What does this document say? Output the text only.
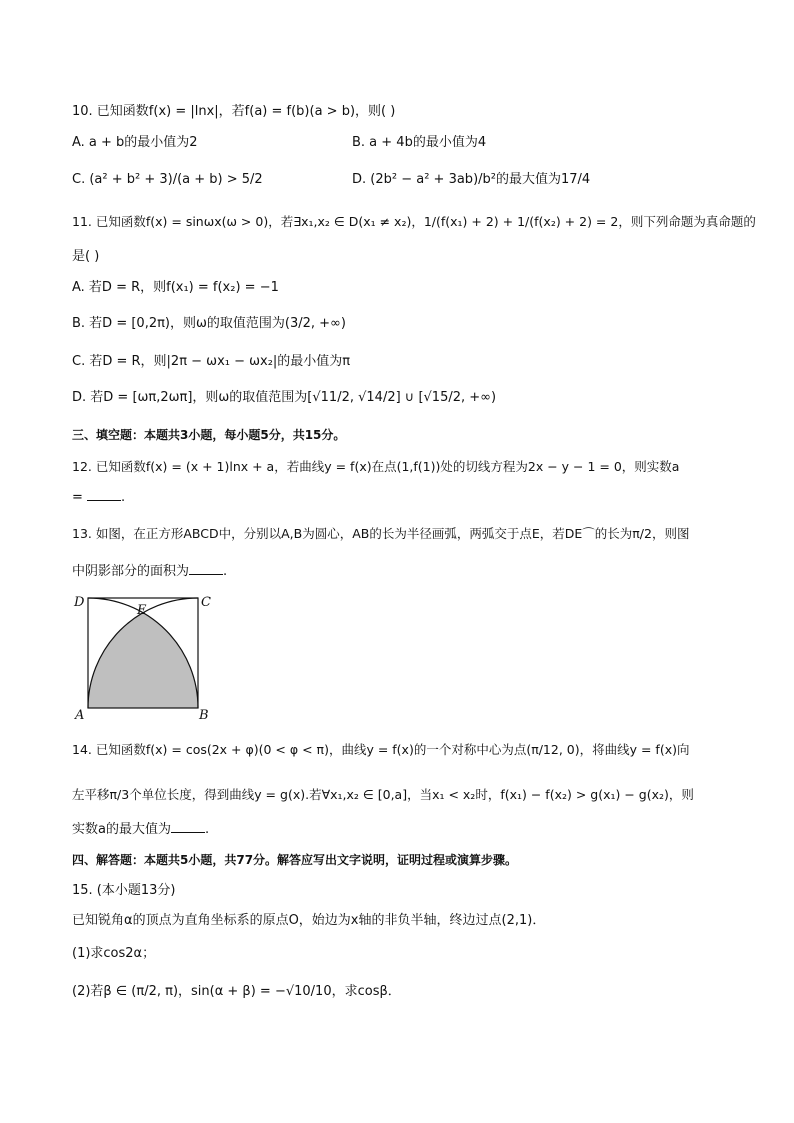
10. 已知函数f(x) = |lnx|，若f(a) = f(b)(a > b)，则( )
A. a + b的最小值为2	B. a + 4b的最小值为4
C. (a² + b² + 3)/(a + b) > 5/2	D. (2b² − a² + 3ab)/b²的最大值为17/4
11. 已知函数f(x) = sinωx(ω > 0)，若∃x₁,x₂ ∈ D(x₁ ≠ x₂)，1/(f(x₁) + 2) + 1/(f(x₂) + 2) = 2，则下列命题为真命题的
是( )
A. 若D = R，则f(x₁) = f(x₂) = −1
B. 若D = [0,2π)，则ω的取值范围为(3/2, +∞)
C. 若D = R，则|2π − ωx₁ − ωx₂|的最小值为π
D. 若D = [ωπ,2ωπ]，则ω的取值范围为[√11/2, √14/2] ∪ [√15/2, +∞)
三、填空题：本题共3小题，每小题5分，共15分。
12. 已知函数f(x) = (x + 1)lnx + a，若曲线y = f(x)在点(1,f(1))处的切线方程为2x − y − 1 = 0，则实数a
=	.
13. 如图，在正方形ABCD中，分别以A,B为圆心，AB的长为半径画弧，两弧交于点E，若DE⌒的长为π/2，则图
中阴影部分的面积为	.
D	C
E
A	B
14. 已知函数f(x) = cos(2x + φ)(0 < φ < π)，曲线y = f(x)的一个对称中心为点(π/12, 0)，将曲线y = f(x)向
左平移π/3个单位长度，得到曲线y = g(x).若∀x₁,x₂ ∈ [0,a]，当x₁ < x₂时，f(x₁) − f(x₂) > g(x₁) − g(x₂)，则
实数a的最大值为	.
四、解答题：本题共5小题，共77分。解答应写出文字说明，证明过程或演算步骤。
15. (本小题13分)
已知锐角α的顶点为直角坐标系的原点O，始边为x轴的非负半轴，终边过点(2,1)．
(1)求cos2α；
(2)若β ∈ (π/2, π)，sin(α + β) = −√10/10，求cosβ．
